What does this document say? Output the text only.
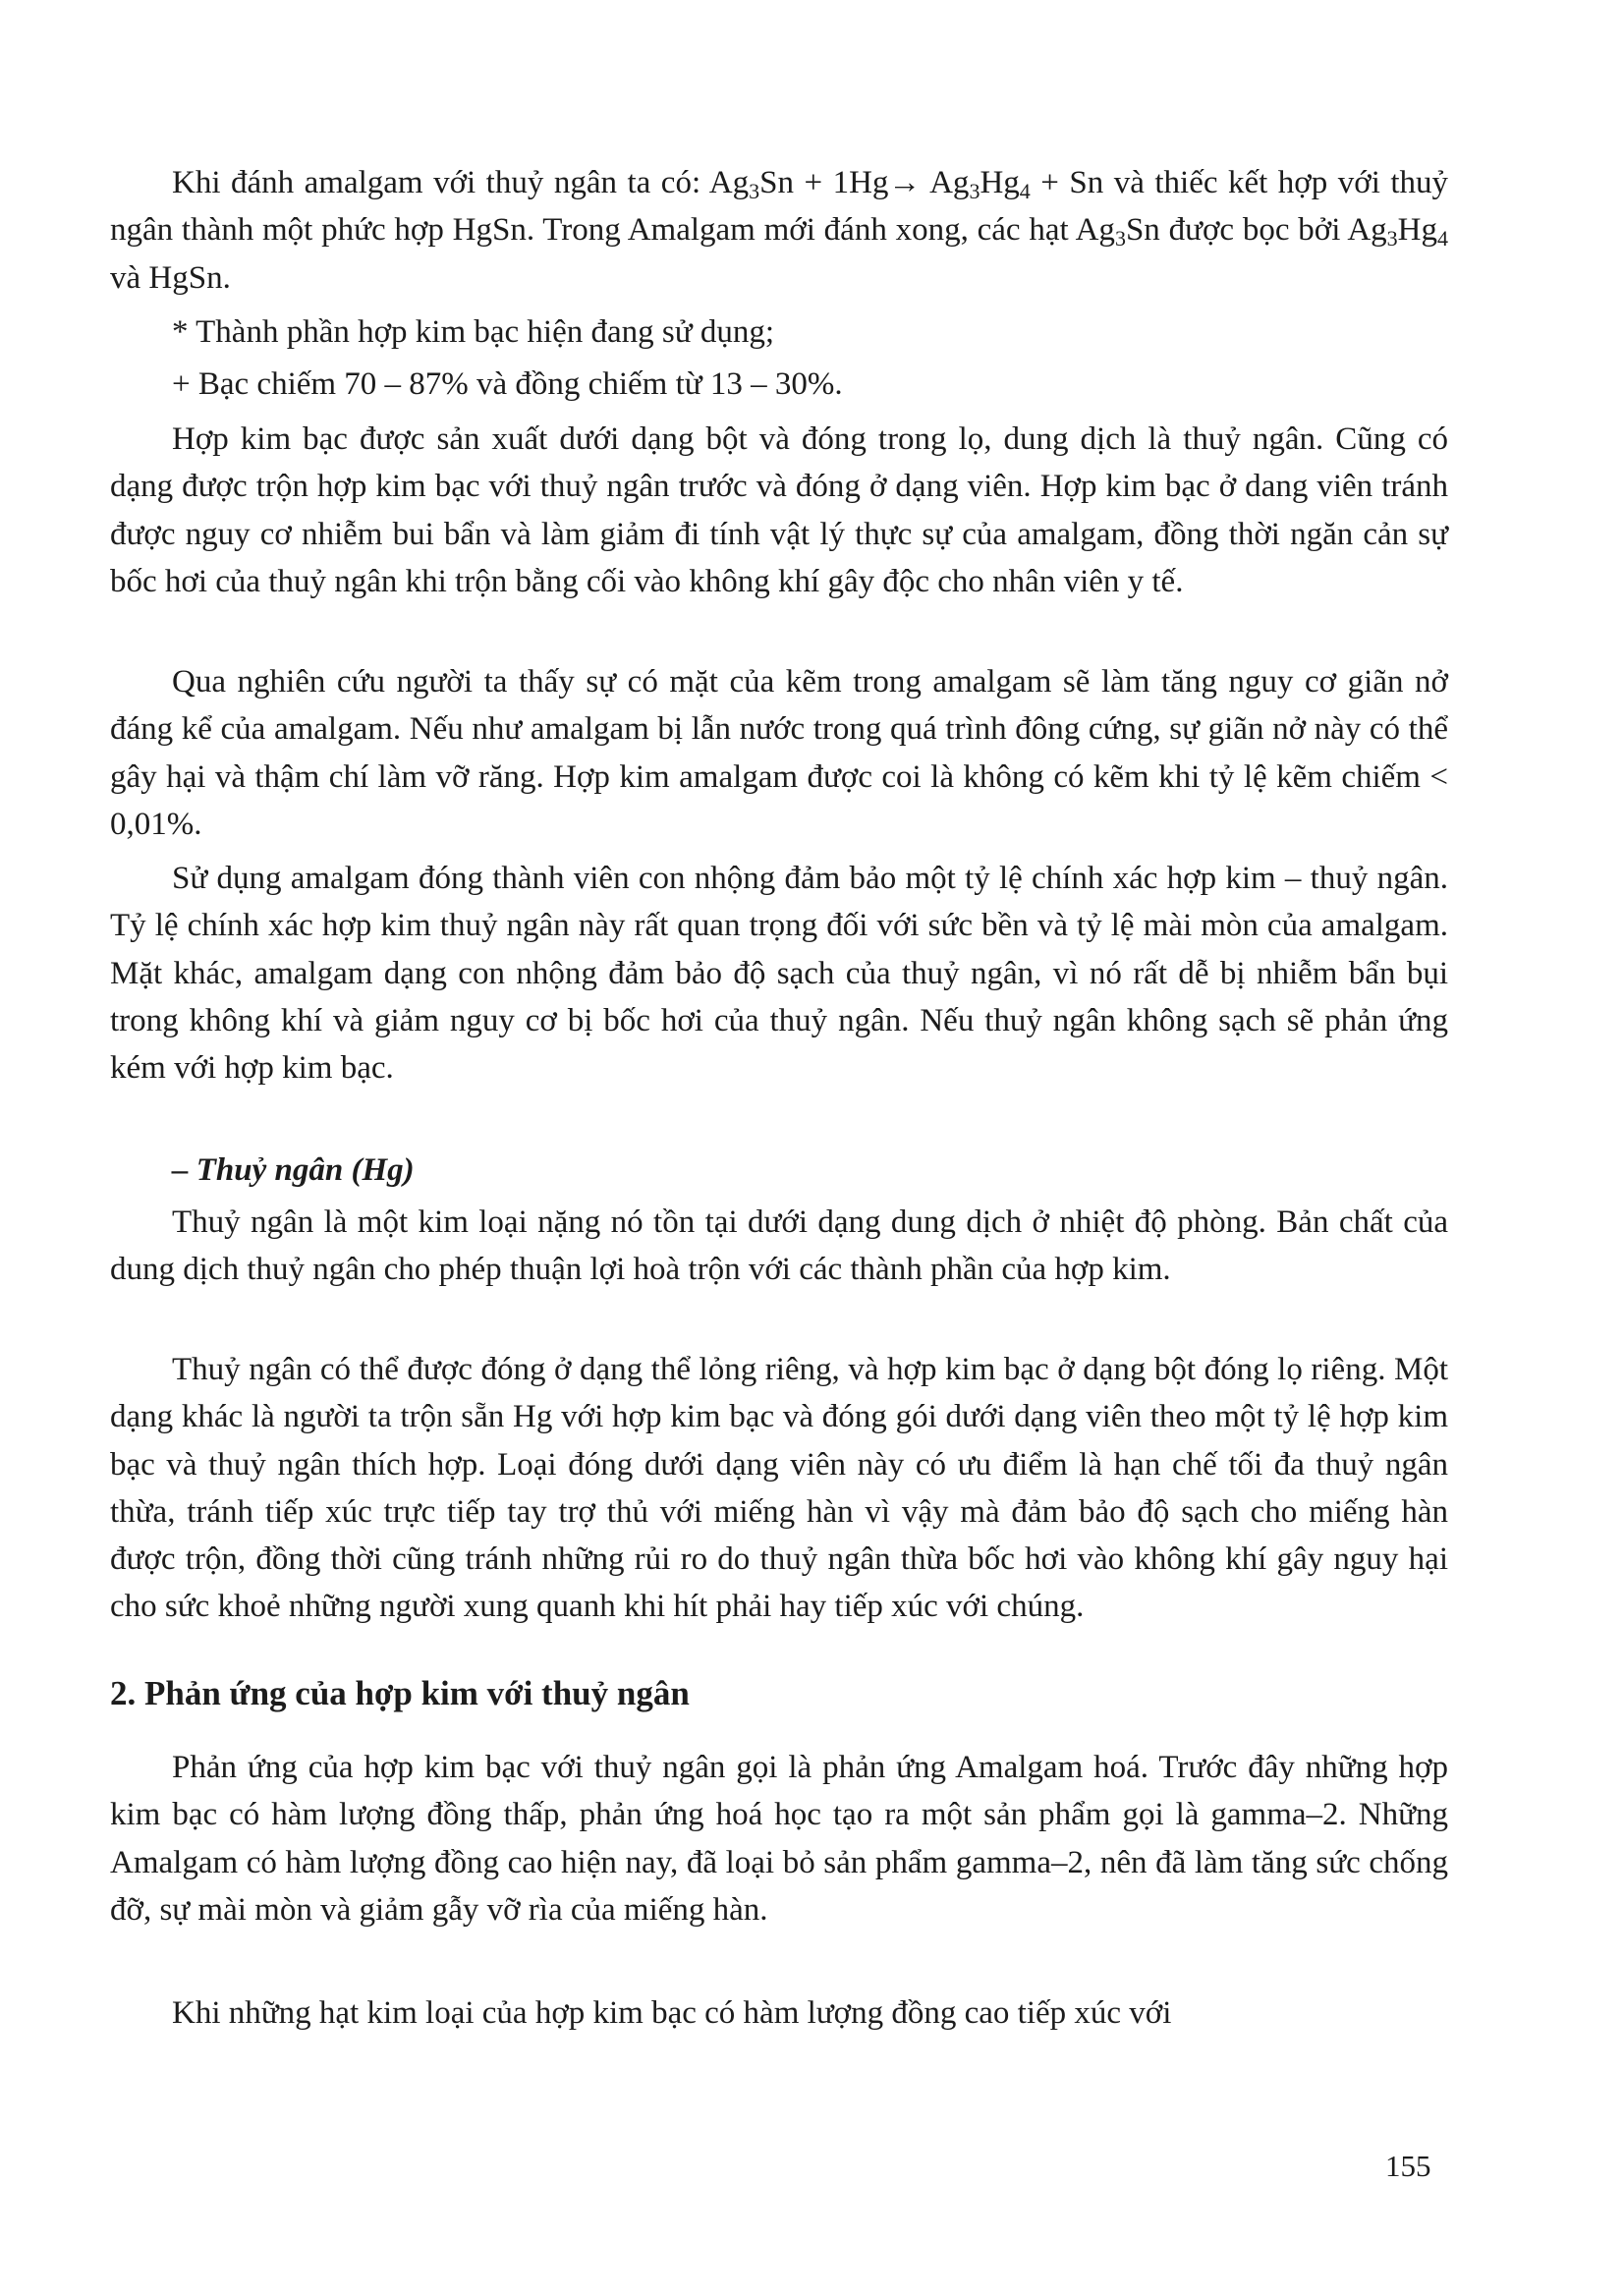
Khi đánh amalgam với thuỷ ngân ta có: $Ag_3Sn + 1Hg\to Ag_3Hg_4 + Sn$ và thiếc kết hợp với thuỷ ngân thành một phức hợp HgSn. Trong Amalgam mới đánh xong, các hạt $Ag_3Sn$ được bọc bởi $Ag_3Hg_4$ và HgSn.

* Thành phần hợp kim bạc hiện đang sử dụng;

+ Bạc chiếm 70 – 87% và đồng chiếm từ 13 – 30%.

Hợp kim bạc được sản xuất dưới dạng bột và đóng trong lọ, dung dịch là thuỷ ngân. Cũng có dạng được trộn hợp kim bạc với thuỷ ngân trước và đóng ở dạng viên. Hợp kim bạc ở dang viên tránh được nguy cơ nhiễm bui bẩn và làm giảm đi tính vật lý thực sự của amalgam, đồng thời ngăn cản sự bốc hơi của thuỷ ngân khi trộn bằng cối vào không khí gây độc cho nhân viên y tế.

Qua nghiên cứu người ta thấy sự có mặt của kẽm trong amalgam sẽ làm tăng nguy cơ giãn nở đáng kể của amalgam. Nếu như amalgam bị lẫn nước trong quá trình đông cứng, sự giãn nở này có thể gây hại và thậm chí làm vỡ răng. Hợp kim amalgam được coi là không có kẽm khi tỷ lệ kẽm chiếm < 0,01%.

Sử dụng amalgam đóng thành viên con nhộng đảm bảo một tỷ lệ chính xác hợp kim – thuỷ ngân. Tỷ lệ chính xác hợp kim thuỷ ngân này rất quan trọng đối với sức bền và tỷ lệ mài mòn của amalgam. Mặt khác, amalgam dạng con nhộng đảm bảo độ sạch của thuỷ ngân, vì nó rất dễ bị nhiễm bẩn bụi trong không khí và giảm nguy cơ bị bốc hơi của thuỷ ngân. Nếu thuỷ ngân không sạch sẽ phản ứng kém với hợp kim bạc.

– Thuỷ ngân (Hg)

Thuỷ ngân là một kim loại nặng nó tồn tại dưới dạng dung dịch ở nhiệt độ phòng. Bản chất của dung dịch thuỷ ngân cho phép thuận lợi hoà trộn với các thành phần của hợp kim.

Thuỷ ngân có thể được đóng ở dạng thể lỏng riêng, và hợp kim bạc ở dạng bột đóng lọ riêng. Một dạng khác là người ta trộn sẵn Hg với hợp kim bạc và đóng gói dưới dạng viên theo một tỷ lệ hợp kim bạc và thuỷ ngân thích hợp. Loại đóng dưới dạng viên này có ưu điểm là hạn chế tối đa thuỷ ngân thừa, tránh tiếp xúc trực tiếp tay trợ thủ với miếng hàn vì vậy mà đảm bảo độ sạch cho miếng hàn được trộn, đồng thời cũng tránh những rủi ro do thuỷ ngân thừa bốc hơi vào không khí gây nguy hại cho sức khoẻ những người xung quanh khi hít phải hay tiếp xúc với chúng.

2. Phản ứng của hợp kim với thuỷ ngân

Phản ứng của hợp kim bạc với thuỷ ngân gọi là phản ứng Amalgam hoá. Trước đây những hợp kim bạc có hàm lượng đồng thấp, phản ứng hoá học tạo ra một sản phẩm gọi là gamma–2. Những Amalgam có hàm lượng đồng cao hiện nay, đã loại bỏ sản phẩm gamma–2, nên đã làm tăng sức chống đỡ, sự mài mòn và giảm gẫy vỡ rìa của miếng hàn.

Khi những hạt kim loại của hợp kim bạc có hàm lượng đồng cao tiếp xúc với

155
